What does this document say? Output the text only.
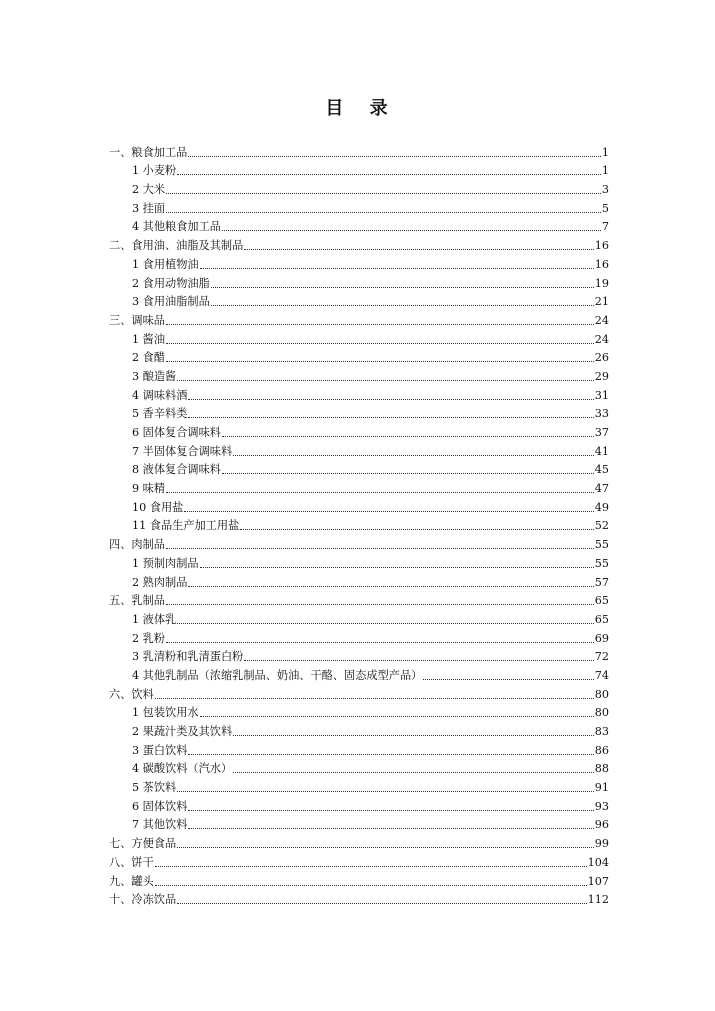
目 录
一、粮食加工品	1
1 小麦粉	1
2 大米	3
3 挂面	5
4 其他粮食加工品	7
二、食用油、油脂及其制品	16
1 食用植物油	16
2 食用动物油脂	19
3 食用油脂制品	21
三、调味品	24
1 酱油	24
2 食醋	26
3 酿造酱	29
4 调味料酒	31
5 香辛料类	33
6 固体复合调味料	37
7 半固体复合调味料	41
8 液体复合调味料	45
9 味精	47
10 食用盐	49
11 食品生产加工用盐	52
四、肉制品	55
1 预制肉制品	55
2 熟肉制品	57
五、乳制品	65
1 液体乳	65
2 乳粉	69
3 乳清粉和乳清蛋白粉	72
4 其他乳制品（浓缩乳制品、奶油、干酪、固态成型产品）	74
六、饮料	80
1 包装饮用水	80
2 果蔬汁类及其饮料	83
3 蛋白饮料	86
4 碳酸饮料（汽水）	88
5 茶饮料	91
6 固体饮料	93
7 其他饮料	96
七、方便食品	99
八、饼干	104
九、罐头	107
十、冷冻饮品	112
